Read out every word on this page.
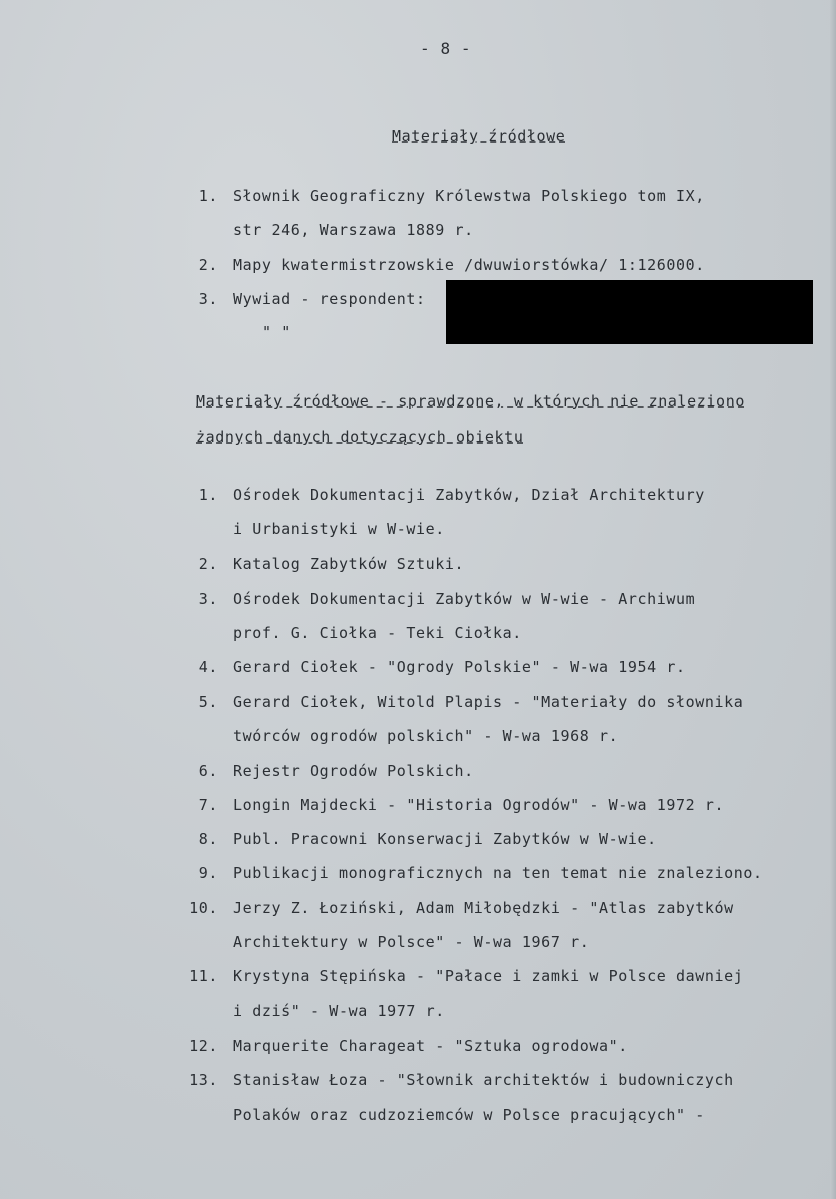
- 8 -
Materiały źródłowe
1. Słownik Geograficzny Królewstwa Polskiego tom IX,
str 246, Warszawa 1889 r.
2. Mapy kwatermistrzowskie /dwuwiorstówka/ 1:126000.
3. Wywiad - respondent:
" "
Materiały źródłowe - sprawdzone, w których nie znaleziono
żadnych danych dotyczących obiektu
1. Ośrodek Dokumentacji Zabytków, Dział Architektury
i Urbanistyki w W-wie.
2. Katalog Zabytków Sztuki.
3. Ośrodek Dokumentacji Zabytków w W-wie - Archiwum
prof. G. Ciołka - Teki Ciołka.
4. Gerard Ciołek - "Ogrody Polskie" - W-wa 1954 r.
5. Gerard Ciołek, Witold Plapis - "Materiały do słownika
twórców ogrodów polskich" - W-wa 1968 r.
6. Rejestr Ogrodów Polskich.
7. Longin Majdecki - "Historia Ogrodów" - W-wa 1972 r.
8. Publ. Pracowni Konserwacji Zabytków w W-wie.
9. Publikacji monograficznych na ten temat nie znaleziono.
10. Jerzy Z. Łoziński, Adam Miłobędzki - "Atlas zabytków
Architektury w Polsce" - W-wa 1967 r.
11. Krystyna Stępińska - "Pałace i zamki w Polsce dawniej
i dziś" - W-wa 1977 r.
12. Marquerite Charageat - "Sztuka ogrodowa".
13. Stanisław Łoza - "Słownik architektów i budowniczych
Polaków oraz cudzoziemców w Polsce pracujących" -
